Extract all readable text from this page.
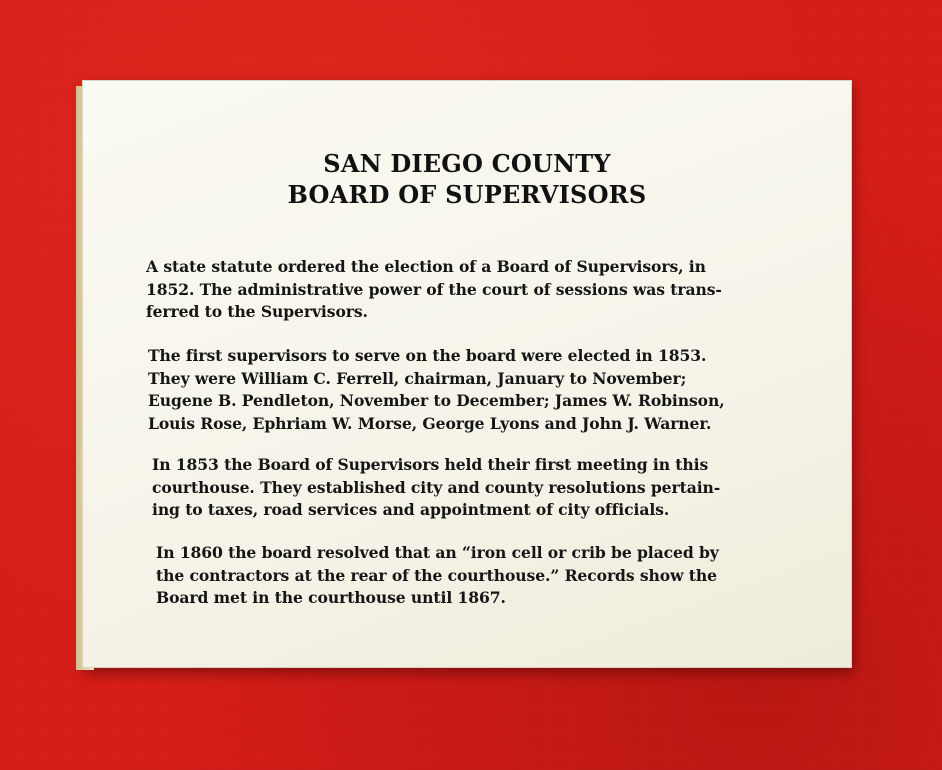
SAN DIEGO COUNTY
BOARD OF SUPERVISORS
A state statute ordered the election of a Board of Supervisors, in
1852. The administrative power of the court of sessions was trans-
ferred to the Supervisors.
The first supervisors to serve on the board were elected in 1853.
They were William C. Ferrell, chairman, January to November;
Eugene B. Pendleton, November to December; James W. Robinson,
Louis Rose, Ephriam W. Morse, George Lyons and John J. Warner.
In 1853 the Board of Supervisors held their first meeting in this
courthouse. They established city and county resolutions pertain-
ing to taxes, road services and appointment of city officials.
In 1860 the board resolved that an “iron cell or crib be placed by
the contractors at the rear of the courthouse.” Records show the
Board met in the courthouse until 1867.
